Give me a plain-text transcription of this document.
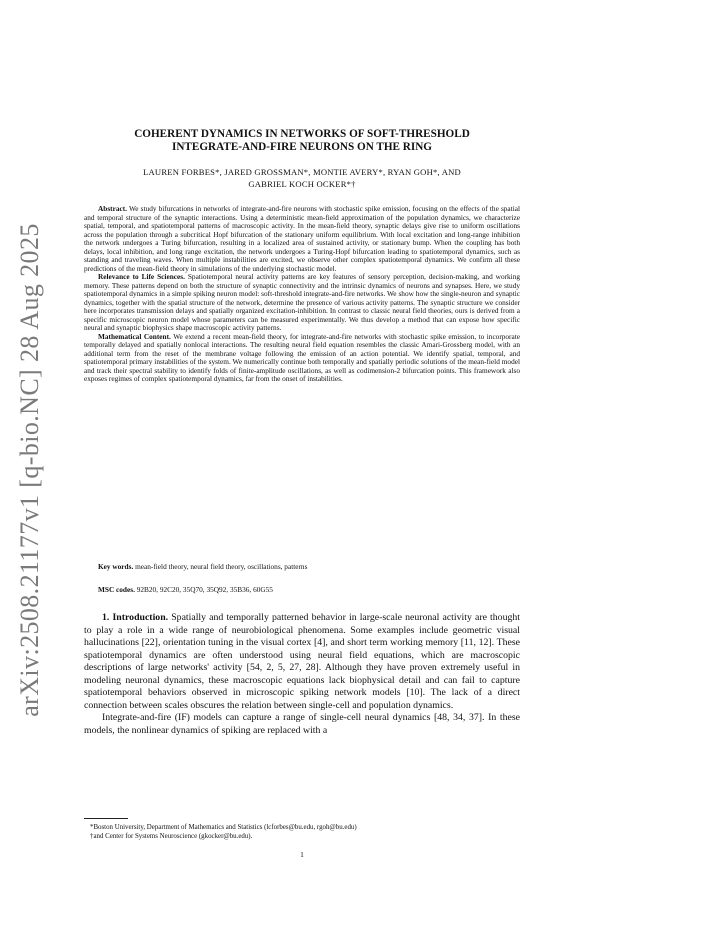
arXiv:2508.21177v1 [q-bio.NC] 28 Aug 2025
COHERENT DYNAMICS IN NETWORKS OF SOFT-THRESHOLD
INTEGRATE-AND-FIRE NEURONS ON THE RING
LAUREN FORBES*, JARED GROSSMAN*, MONTIE AVERY*, RYAN GOH*, AND
GABRIEL KOCH OCKER*†

Abstract. We study bifurcations in networks of integrate-and-fire neurons with stochastic spike emission, focusing on the effects of the spatial and temporal structure of the synaptic interactions. Using a deterministic mean-field approximation of the population dynamics, we characterize spatial, temporal, and spatiotemporal patterns of macroscopic activity. In the mean-field theory, synaptic delays give rise to uniform oscillations across the population through a subcritical Hopf bifurcation of the stationary uniform equilibrium. With local excitation and long-range inhibition the network undergoes a Turing bifurcation, resulting in a localized area of sustained activity, or stationary bump. When the coupling has both delays, local inhibition, and long range excitation, the network undergoes a Turing-Hopf bifurcation leading to spatiotemporal dynamics, such as standing and traveling waves. When multiple instabilities are excited, we observe other complex spatiotemporal dynamics. We confirm all these predictions of the mean-field theory in simulations of the underlying stochastic model.

Relevance to Life Sciences. Spatiotemporal neural activity patterns are key features of sensory perception, decision-making, and working memory. These patterns depend on both the structure of synaptic connectivity and the intrinsic dynamics of neurons and synapses. Here, we study spatiotemporal dynamics in a simple spiking neuron model: soft-threshold integrate-and-fire networks. We show how the single-neuron and synaptic dynamics, together with the spatial structure of the network, determine the presence of various activity patterns. The synaptic structure we consider here incorporates transmission delays and spatially organized excitation-inhibition. In contrast to classic neural field theories, ours is derived from a specific microscopic neuron model whose parameters can be measured experimentally. We thus develop a method that can expose how specific neural and synaptic biophysics shape macroscopic activity patterns.

Mathematical Content. We extend a recent mean-field theory, for integrate-and-fire networks with stochastic spike emission, to incorporate temporally delayed and spatially nonlocal interactions. The resulting neural field equation resembles the classic Amari-Grossberg model, with an additional term from the reset of the membrane voltage following the emission of an action potential. We identify spatial, temporal, and spatiotemporal primary instabilities of the system. We numerically continue both temporally and spatially periodic solutions of the mean-field model and track their spectral stability to identify folds of finite-amplitude oscillations, as well as codimension-2 bifurcation points. This framework also exposes regimes of complex spatiotemporal dynamics, far from the onset of instabilities.

Key words. mean-field theory, neural field theory, oscillations, patterns
MSC codes. 92B20, 92C20, 35Q70, 35Q92, 35B36, 60G55

1. Introduction. Spatially and temporally patterned behavior in large-scale neuronal activity are thought to play a role in a wide range of neurobiological phenomena. Some examples include geometric visual hallucinations [22], orientation tuning in the visual cortex [4], and short term working memory [11, 12]. These spatiotemporal dynamics are often understood using neural field equations, which are macroscopic descriptions of large networks' activity [54, 2, 5, 27, 28]. Although they have proven extremely useful in modeling neuronal dynamics, these macroscopic equations lack biophysical detail and can fail to capture spatiotemporal behaviors observed in microscopic spiking network models [10]. The lack of a direct connection between scales obscures the relation between single-cell and population dynamics.

Integrate-and-fire (IF) models can capture a range of single-cell neural dynamics [48, 34, 37]. In these models, the nonlinear dynamics of spiking are replaced with a

*Boston University, Department of Mathematics and Statistics (lcforbes@bu.edu, rgoh@bu.edu)
†and Center for Systems Neuroscience (gkocker@bu.edu).
1
